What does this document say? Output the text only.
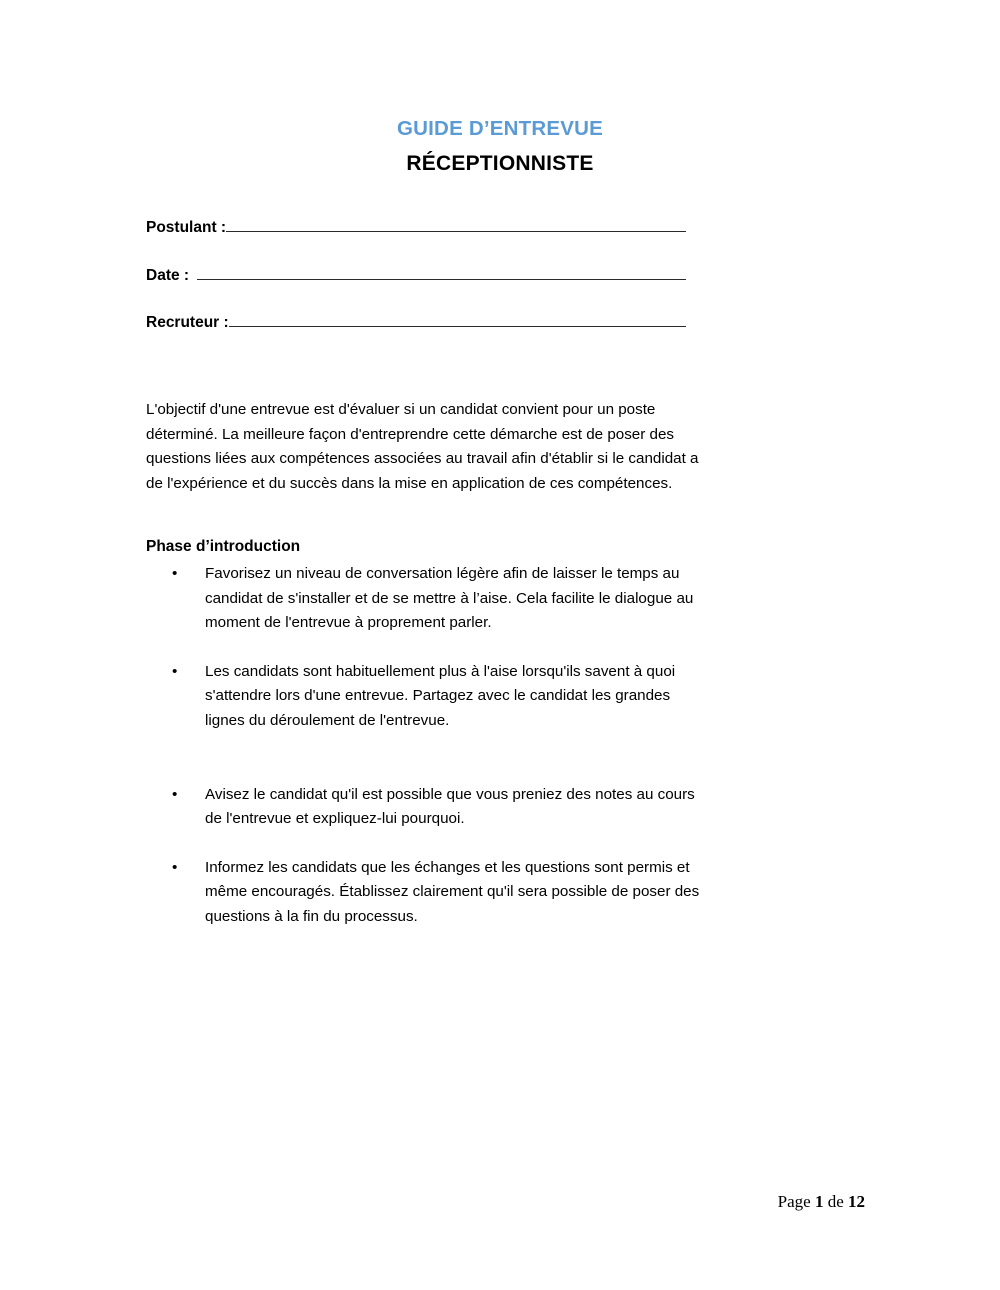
GUIDE D’ENTREVUE
RÉCEPTIONNISTE
Postulant :
Date :
Recruteur :

L'objectif d'une entrevue est d'évaluer si un candidat convient pour un poste déterminé. La meilleure façon d'entreprendre cette démarche est de poser des questions liées aux compétences associées au travail afin d'établir si le candidat a de l'expérience et du succès dans la mise en application de ces compétences.

Phase d’introduction
• Favorisez un niveau de conversation légère afin de laisser le temps au candidat de s'installer et de se mettre à l’aise. Cela facilite le dialogue au moment de l'entrevue à proprement parler.
• Les candidats sont habituellement plus à l'aise lorsqu'ils savent à quoi s'attendre lors d'une entrevue. Partagez avec le candidat les grandes lignes du déroulement de l'entrevue.
• Avisez le candidat qu'il est possible que vous preniez des notes au cours de l'entrevue et expliquez-lui pourquoi.
• Informez les candidats que les échanges et les questions sont permis et même encouragés. Établissez clairement qu'il sera possible de poser des questions à la fin du processus.
Page 1 de 12
